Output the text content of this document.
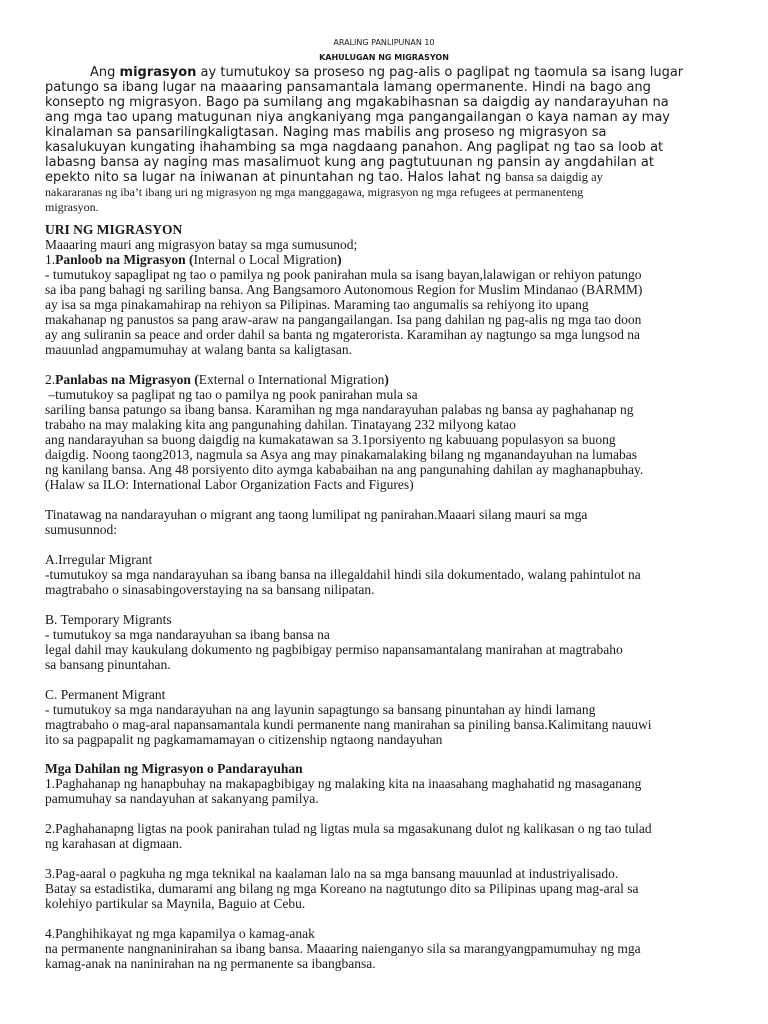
ARALING PANLIPUNAN 10
KAHULUGAN NG MIGRASYON
Ang migrasyon ay tumutukoy sa proseso ng pag-alis o paglipat ng taomula sa isang lugar
patungo sa ibang lugar na maaaring pansamantala lamang opermanente. Hindi na bago ang
konsepto ng migrasyon. Bago pa sumilang ang mgakabihasnan sa daigdig ay nandarayuhan na
ang mga tao upang matugunan niya angkaniyang mga pangangailangan o kaya naman ay may
kinalaman sa pansarilingkaligtasan. Naging mas mabilis ang proseso ng migrasyon sa
kasalukuyan kungating ihahambing sa mga nagdaang panahon. Ang paglipat ng tao sa loob at
labasng bansa ay naging mas masalimuot kung ang pagtutuunan ng pansin ay angdahilan at
epekto nito sa lugar na iniwanan at pinuntahan ng tao. Halos lahat ng bansa sa daigdig ay
nakararanas ng iba’t ibang uri ng migrasyon ng mga manggagawa, migrasyon ng mga refugees at permanenteng
migrasyon.
URI NG MIGRASYON
Maaaring mauri ang migrasyon batay sa mga sumusunod;
1.Panloob na Migrasyon (Internal o Local Migration)
- tumutukoy sapaglipat ng tao o pamilya ng pook panirahan mula sa isang bayan,lalawigan or rehiyon patungo
sa iba pang bahagi ng sariling bansa. Ang Bangsamoro Autonomous Region for Muslim Mindanao (BARMM)
ay isa sa mga pinakamahirap na rehiyon sa Pilipinas. Maraming tao angumalis sa rehiyong ito upang
makahanap ng panustos sa pang araw-araw na pangangailangan. Isa pang dahilan ng pag-alis ng mga tao doon
ay ang suliranin sa peace and order dahil sa banta ng mgaterorista. Karamihan ay nagtungo sa mga lungsod na
mauunlad angpamumuhay at walang banta sa kaligtasan.
2.Panlabas na Migrasyon (External o International Migration)
–tumutukoy sa paglipat ng tao o pamilya ng pook panirahan mula sa
sariling bansa patungo sa ibang bansa. Karamihan ng mga nandarayuhan palabas ng bansa ay paghahanap ng
trabaho na may malaking kita ang pangunahing dahilan. Tinatayang 232 milyong katao
ang nandarayuhan sa buong daigdig na kumakatawan sa 3.1porsiyento ng kabuuang populasyon sa buong
daigdig. Noong taong2013, nagmula sa Asya ang may pinakamalaking bilang ng mganandayuhan na lumabas
ng kanilang bansa. Ang 48 porsiyento dito aymga kababaihan na ang pangunahing dahilan ay maghanapbuhay.
(Halaw sa ILO: International Labor Organization Facts and Figures)
Tinatawag na nandarayuhan o migrant ang taong lumilipat ng panirahan.Maaari silang mauri sa mga
sumusunnod:
A.Irregular Migrant
-tumutukoy sa mga nandarayuhan sa ibang bansa na illegaldahil hindi sila dokumentado, walang pahintulot na
magtrabaho o sinasabingoverstaying na sa bansang nilipatan.
B. Temporary Migrants
- tumutukoy sa mga nandarayuhan sa ibang bansa na
legal dahil may kaukulang dokumento ng pagbibigay permiso napansamantalang manirahan at magtrabaho
sa bansang pinuntahan.
C. Permanent Migrant
- tumutukoy sa mga nandarayuhan na ang layunin sapagtungo sa bansang pinuntahan ay hindi lamang
magtrabaho o mag-aral napansamantala kundi permanente nang manirahan sa piniling bansa.Kalimitang nauuwi
ito sa pagpapalit ng pagkamamamayan o citizenship ngtaong nandayuhan
Mga Dahilan ng Migrasyon o Pandarayuhan
1.Paghahanap ng hanapbuhay na makapagbibigay ng malaking kita na inaasahang maghahatid ng masaganang
pamumuhay sa nandayuhan at sakanyang pamilya.
2.Paghahanapng ligtas na pook panirahan tulad ng ligtas mula sa mgasakunang dulot ng kalikasan o ng tao tulad
ng karahasan at digmaan.
3.Pag-aaral o pagkuha ng mga teknikal na kaalaman lalo na sa mga bansang mauunlad at industriyalisado.
Batay sa estadistika, dumarami ang bilang ng mga Koreano na nagtutungo dito sa Pilipinas upang mag-aral sa
kolehiyo partikular sa Maynila, Baguio at Cebu.
4.Panghihikayat ng mga kapamilya o kamag-anak
na permanente nangnaninirahan sa ibang bansa. Maaaring naienganyo sila sa marangyangpamumuhay ng mga
kamag-anak na naninirahan na ng permanente sa ibangbansa.
